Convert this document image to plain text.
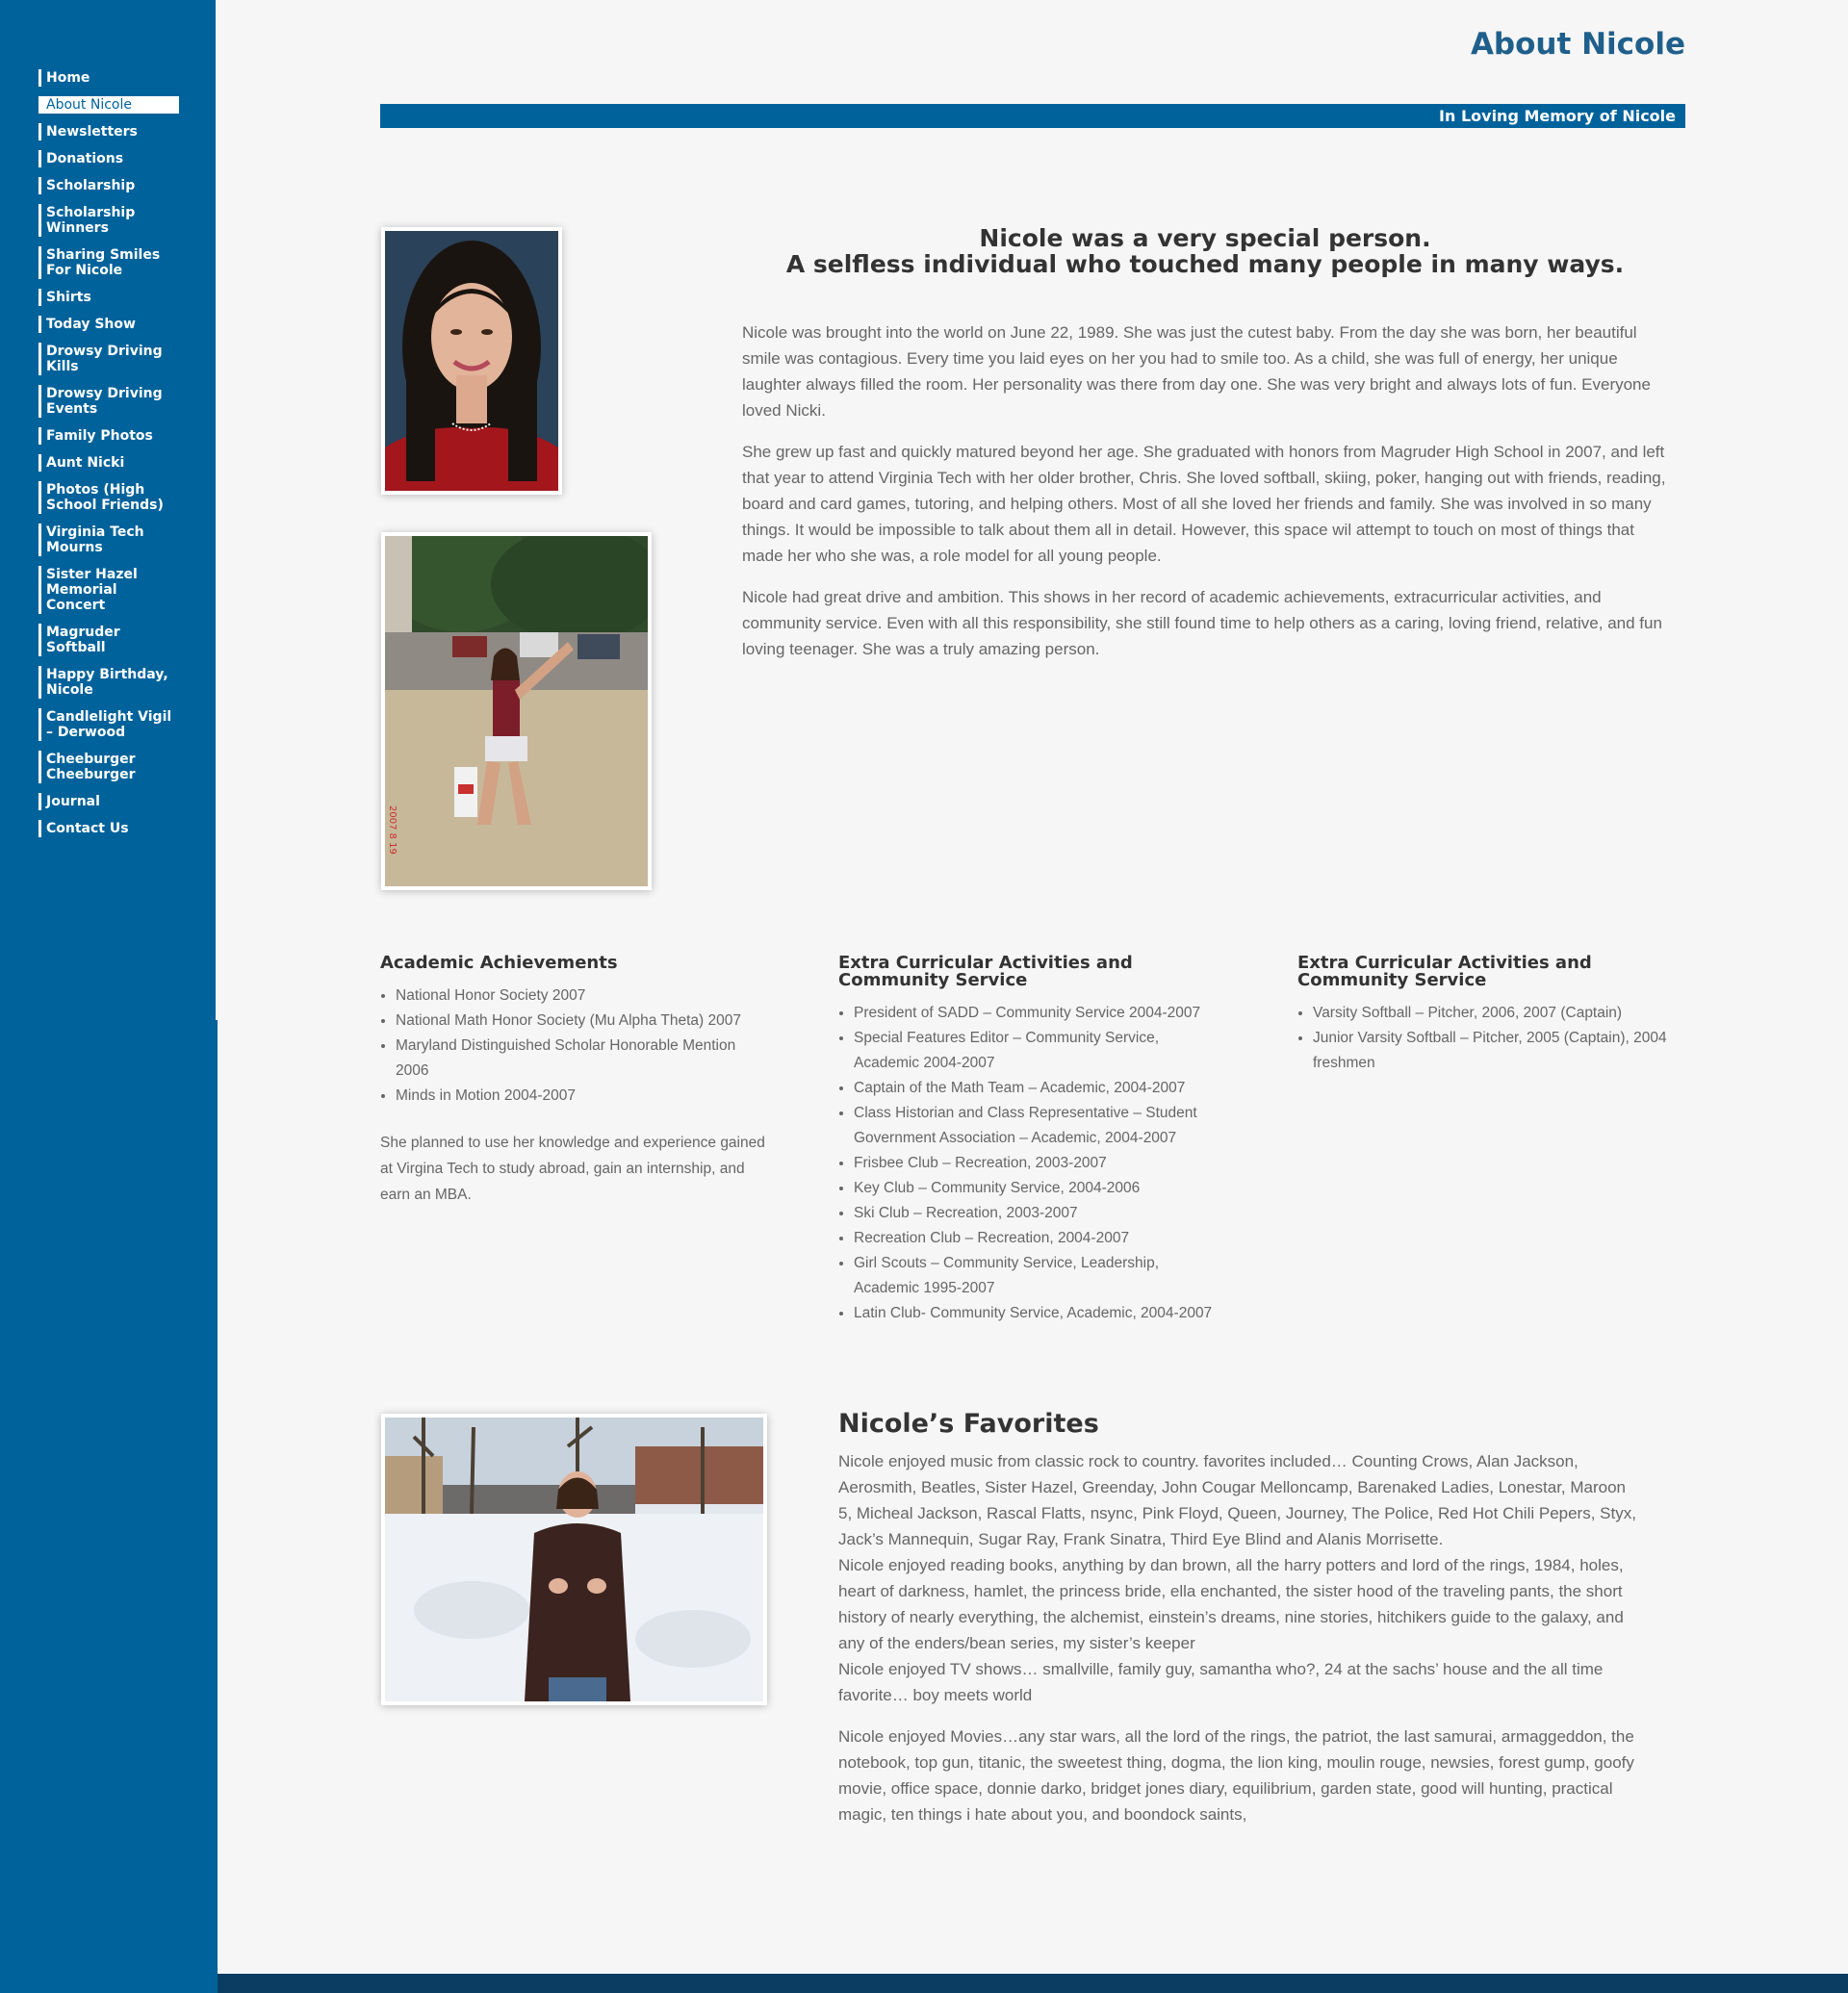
Home
About Nicole
Newsletters
Donations
Scholarship
Scholarship Winners
Sharing Smiles For Nicole
Shirts
Today Show
Drowsy Driving Kills
Drowsy Driving Events
Family Photos
Aunt Nicki
Photos (High School Friends)
Virginia Tech Mourns
Sister Hazel Memorial Concert
Magruder Softball
Happy Birthday, Nicole
Candlelight Vigil – Derwood
Cheeburger Cheeburger
Journal
Contact Us
About Nicole
In Loving Memory of Nicole
2007 8 19
Nicole was a very special person.
A selfless individual who touched many people in many ways.

Nicole was brought into the world on June 22, 1989. She was just the cutest baby. From the day she was born, her beautiful smile was contagious. Every time you laid eyes on her you had to smile too. As a child, she was full of energy, her unique laughter always filled the room. Her personality was there from day one. She was very bright and always lots of fun. Everyone loved Nicki.

She grew up fast and quickly matured beyond her age. She graduated with honors from Magruder High School in 2007, and left that year to attend Virginia Tech with her older brother, Chris. She loved softball, skiing, poker, hanging out with friends, reading, board and card games, tutoring, and helping others. Most of all she loved her friends and family. She was involved in so many things. It would be impossible to talk about them all in detail. However, this space wil attempt to touch on most of things that made her who she was, a role model for all young people.

Nicole had great drive and ambition. This shows in her record of academic achievements, extracurricular activities, and community service. Even with all this responsibility, she still found time to help others as a caring, loving friend, relative, and fun loving teenager. She was a truly amazing person.

Academic Achievements
• National Honor Society 2007
• National Math Honor Society (Mu Alpha Theta) 2007
• Maryland Distinguished Scholar Honorable Mention 2006
• Minds in Motion 2004-2007

She planned to use her knowledge and experience gained at Virgina Tech to study abroad, gain an internship, and earn an MBA.

Extra Curricular Activities and Community Service
• President of SADD – Community Service 2004-2007
• Special Features Editor – Community Service, Academic 2004-2007
• Captain of the Math Team – Academic, 2004-2007
• Class Historian and Class Representative – Student Government Association – Academic, 2004-2007
• Frisbee Club – Recreation, 2003-2007
• Key Club – Community Service, 2004-2006
• Ski Club – Recreation, 2003-2007
• Recreation Club – Recreation, 2004-2007
• Girl Scouts – Community Service, Leadership, Academic 1995-2007
• Latin Club- Community Service, Academic, 2004-2007
Extra Curricular Activities and Community Service
• Varsity Softball – Pitcher, 2006, 2007 (Captain)
• Junior Varsity Softball – Pitcher, 2005 (Captain), 2004 freshmen
Nicole’s Favorites

Nicole enjoyed music from classic rock to country. favorites included… Counting Crows, Alan Jackson, Aerosmith, Beatles, Sister Hazel, Greenday, John Cougar Melloncamp, Barenaked Ladies, Lonestar, Maroon 5, Micheal Jackson, Rascal Flatts, nsync, Pink Floyd, Queen, Journey, The Police, Red Hot Chili Pepers, Styx, Jack’s Mannequin, Sugar Ray, Frank Sinatra, Third Eye Blind and Alanis Morrisette.

Nicole enjoyed reading books, anything by dan brown, all the harry potters and lord of the rings, 1984, holes, heart of darkness, hamlet, the princess bride, ella enchanted, the sister hood of the traveling pants, the short history of nearly everything, the alchemist, einstein’s dreams, nine stories, hitchikers guide to the galaxy, and any of the enders/bean series, my sister’s keeper

Nicole enjoyed TV shows… smallville, family guy, samantha who?, 24 at the sachs’ house and the all time favorite… boy meets world

Nicole enjoyed Movies…any star wars, all the lord of the rings, the patriot, the last samurai, armaggeddon, the notebook, top gun, titanic, the sweetest thing, dogma, the lion king, moulin rouge, newsies, forest gump, goofy movie, office space, donnie darko, bridget jones diary, equilibrium, garden state, good will hunting, practical magic, ten things i hate about you, and boondock saints,
